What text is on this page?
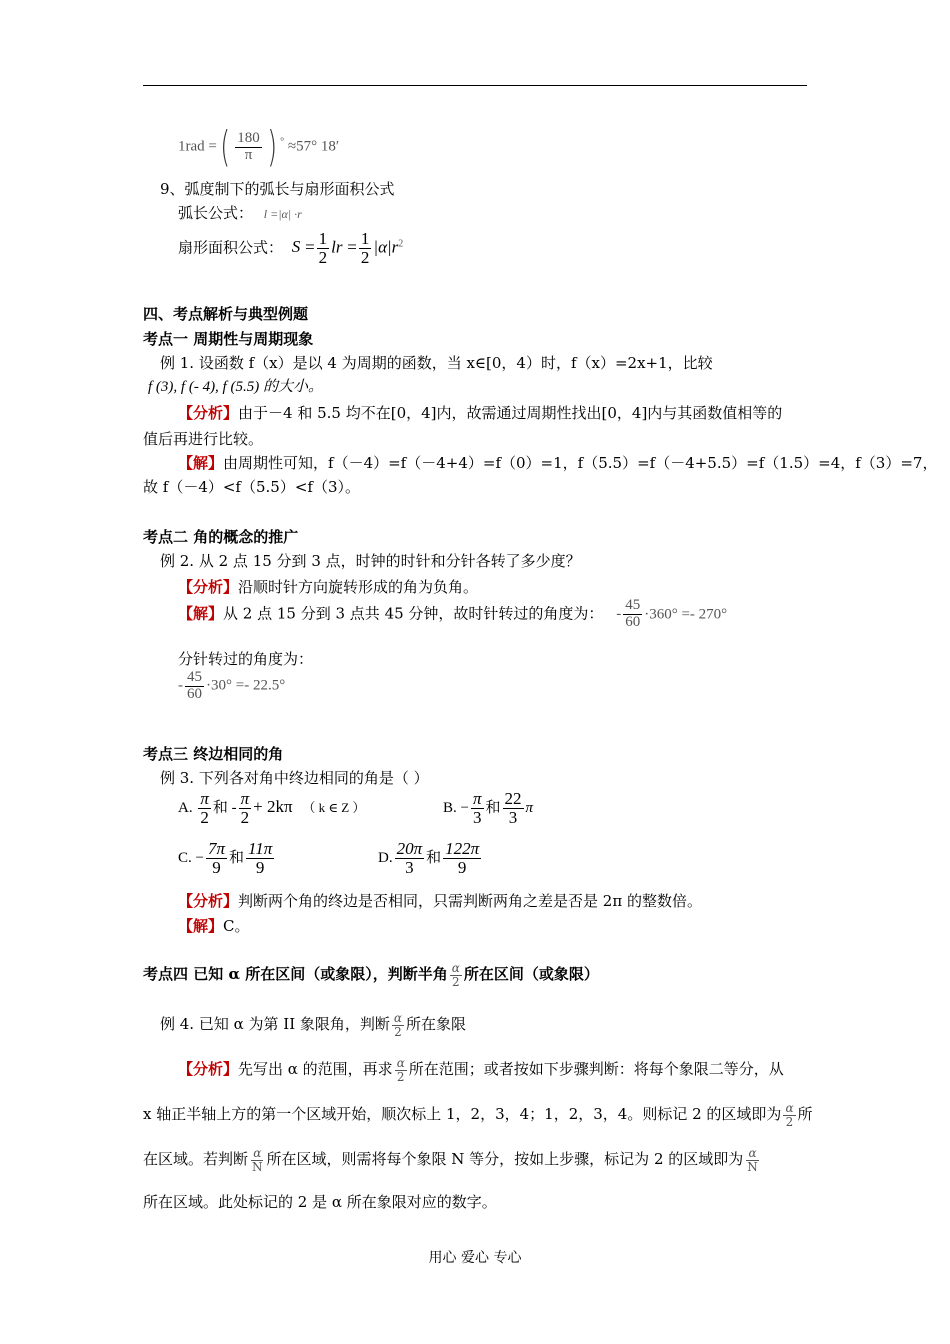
1rad =( $\frac{180}{\pi}$ ) ° ≈57° 18′
9、弧度制下的弧长与扇形面积公式
弧长公式： l =|α| ·r
扇形面积公式： $S = \frac{1}{2}$ lr = $\frac{1}{2} |\alpha|r^2$
四、考点解析与典型例题
考点一 周期性与周期现象
例 1. 设函数 f（x）是以 4 为周期的函数，当 x∈[0，4）时，f（x）=2x+1，比较
f (3), f (- 4), f (5.5) 的大小。
【分析】由于－4 和 5.5 均不在[0，4]内，故需通过周期性找出[0，4]内与其函数值相等的
值后再进行比较。
【解】由周期性可知，f（－4）=f（－4+4）=f（0）=1，f（5.5）=f（－4+5.5）=f（1.5）=4，f（3）=7，
故 f（－4）<f（5.5）<f（3）。
考点二 角的概念的推广
例 2. 从 2 点 15 分到 3 点，时钟的时针和分针各转了多少度？
【分析】沿顺时针方向旋转形成的角为负角。
【解】从 2 点 15 分到 3 点共 45 分钟，故时针转过的角度为： - $\frac{45}{60} \cdot 360^\circ =- 270^\circ$
分针转过的角度为：
- $\frac{45}{60} \cdot 30^\circ =- 22.5^\circ$
考点三 终边相同的角
例 3. 下列各对角中终边相同的角是（ ）
A. $\frac{\pi}{2}$ 和 - $\frac{\pi}{2} + 2k\pi$ （ k ∈ Z ）	B. − $\frac{\pi}{3}$ 和 $\frac{22}{3}$ π
C. − $\frac{7\pi}{9}$ 和 $\frac{11\pi}{9}$	D. $\frac{20\pi}{3}$ 和 $\frac{122\pi}{9}$
【分析】判断两个角的终边是否相同，只需判断两角之差是否是 2π 的整数倍。
【解】C。
考点四 已知 α 所在区间（或象限），判断半角 $\frac{\alpha}{2}$ 所在区间（或象限）
例 4. 已知 α 为第 II 象限角，判断 $\frac{\alpha}{2}$ 所在象限
【分析】先写出 α 的范围，再求 $\frac{\alpha}{2}$ 所在范围；或者按如下步骤判断：将每个象限二等分，从
x 轴正半轴上方的第一个区域开始，顺次标上 1，2，3，4；1，2，3，4。则标记 2 的区域即为 $\frac{\alpha}{2}$ 所
在区域。若判断 $\frac{\alpha}{N}$ 所在区域，则需将每个象限 N 等分，按如上步骤，标记为 2 的区域即为 $\frac{\alpha}{N}$
所在区域。此处标记的 2 是 α 所在象限对应的数字。
用心 爱心 专心
